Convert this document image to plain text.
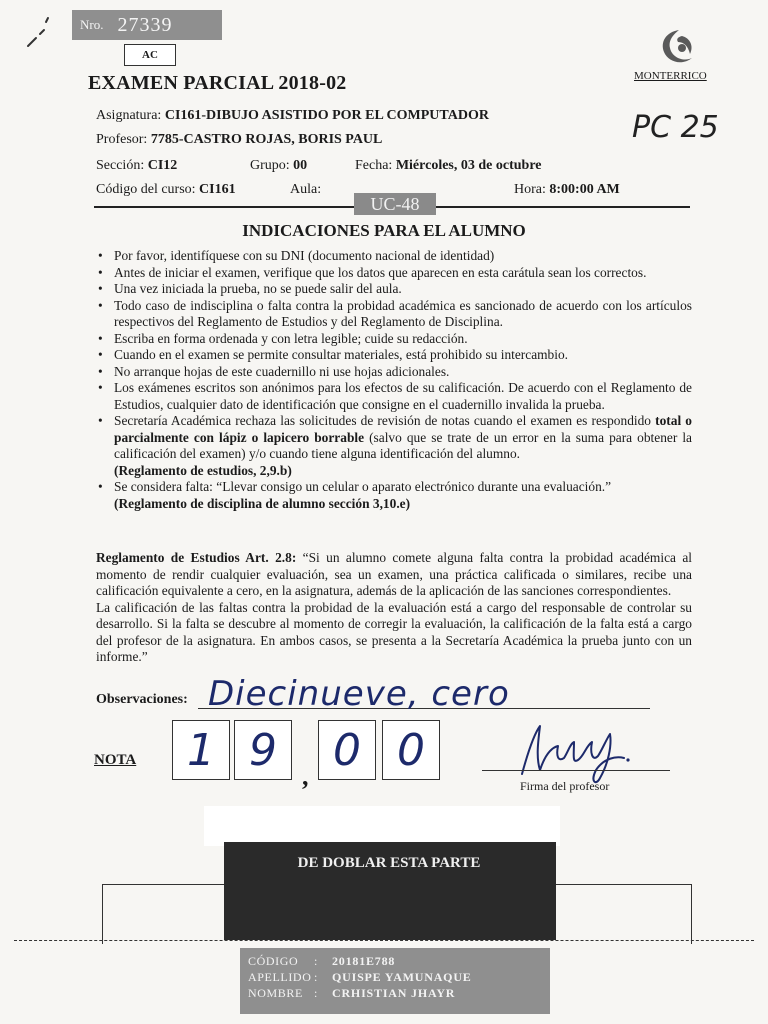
Nro. 27339
AC
EXAMEN PARCIAL 2018-02	MONTERRICO
PC 25
Asignatura: CI161-DIBUJO ASISTIDO POR EL COMPUTADOR
Profesor: 7785-CASTRO ROJAS, BORIS PAUL
Sección: CI12	Grupo: 00	Fecha: Miércoles, 03 de octubre
Código del curso: CI161	Aula:	Hora: 8:00:00 AM
UC-48
INDICACIONES PARA EL ALUMNO
• Por favor, identifíquese con su DNI (documento nacional de identidad)
• Antes de iniciar el examen, verifique que los datos que aparecen en esta carátula sean los correctos.
• Una vez iniciada la prueba, no se puede salir del aula.
• Todo caso de indisciplina o falta contra la probidad académica es sancionado de acuerdo con los artículos respectivos del Reglamento de Estudios y del Reglamento de Disciplina.
• Escriba en forma ordenada y con letra legible; cuide su redacción.
• Cuando en el examen se permite consultar materiales, está prohibido su intercambio.
• No arranque hojas de este cuadernillo ni use hojas adicionales.
• Los exámenes escritos son anónimos para los efectos de su calificación. De acuerdo con el Reglamento de Estudios, cualquier dato de identificación que consigne en el cuadernillo invalida la prueba.
• Secretaría Académica rechaza las solicitudes de revisión de notas cuando el examen es respondido total o parcialmente con lápiz o lapicero borrable (salvo que se trate de un error en la suma para obtener la calificación del examen) y/o cuando tiene alguna identificación del alumno.
(Reglamento de estudios, 2,9.b)
• Se considera falta: “Llevar consigo un celular o aparato electrónico durante una evaluación.”
(Reglamento de disciplina de alumno sección 3,10.e)

Reglamento de Estudios Art. 2.8: “Si un alumno comete alguna falta contra la probidad académica al momento de rendir cualquier evaluación, sea un examen, una práctica calificada o similares, recibe una calificación equivalente a cero, en la asignatura, además de la aplicación de las sanciones correspondientes.

La calificación de las faltas contra la probidad de la evaluación está a cargo del responsable de controlar su desarrollo. Si la falta se descubre al momento de corregir la evaluación, la calificación de la falta está a cargo del profesor de la asignatura. En ambos casos, se presenta a la Secretaría Académica la prueba junto con un informe.”

Observaciones: Diecinueve, cero
NOTA	1 9
,
0 0
Firma del profesor
DE DOBLAR ESTA PARTE
CÓDIGO	:	20181E788
APELLIDO :	QUISPE YAMUNAQUE
NOMBRE :	CRHISTIAN JHAYR
